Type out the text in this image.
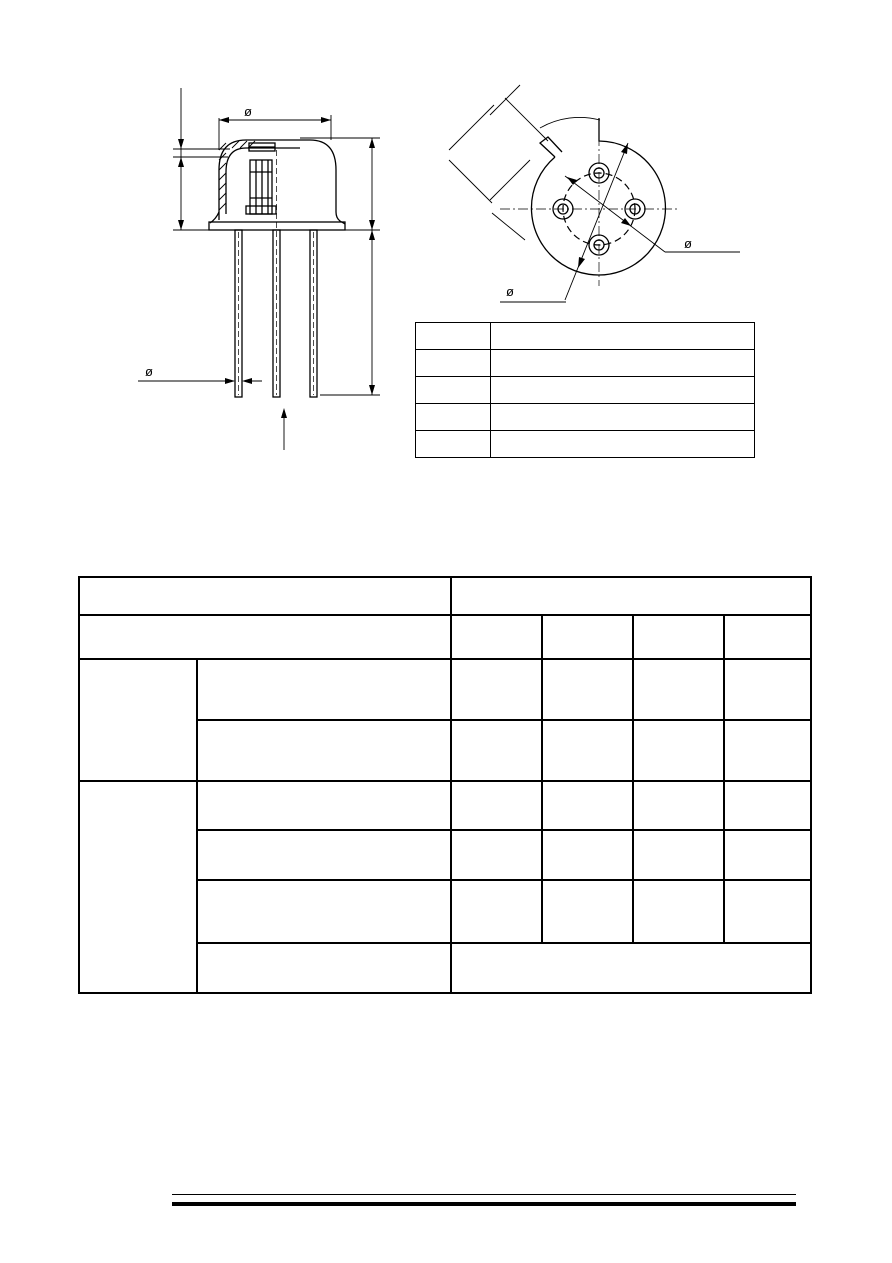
ø
ø
ø
ø
